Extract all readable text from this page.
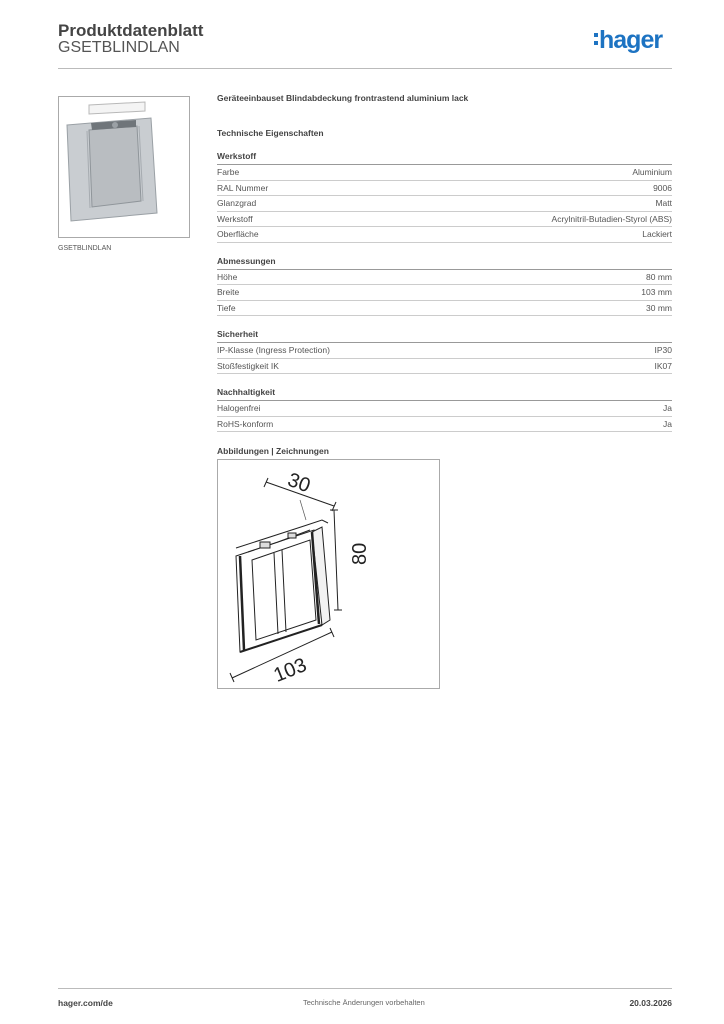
Produktdatenblatt
GSETBLINDLAN	hager
GSETBLINDLAN
Geräteeinbauset Blindabdeckung frontrastend aluminium lack
Technische Eigenschaften
Werkstoff
Farbe	Aluminium
RAL Nummer	9006
Glanzgrad	Matt
Werkstoff	Acrylnitril-Butadien-Styrol (ABS)
Oberfläche	Lackiert
Abmessungen
Höhe	80 mm
Breite	103 mm
Tiefe	30 mm
Sicherheit
IP-Klasse (Ingress Protection)	IP30
Stoßfestigkeit IK	IK07
Nachhaltigkeit
Halogenfrei	Ja
RoHS-konform	Ja
Abbildungen | Zeichnungen
30
80
103
hager.com/de	Technische Änderungen vorbehalten	20.03.2026
